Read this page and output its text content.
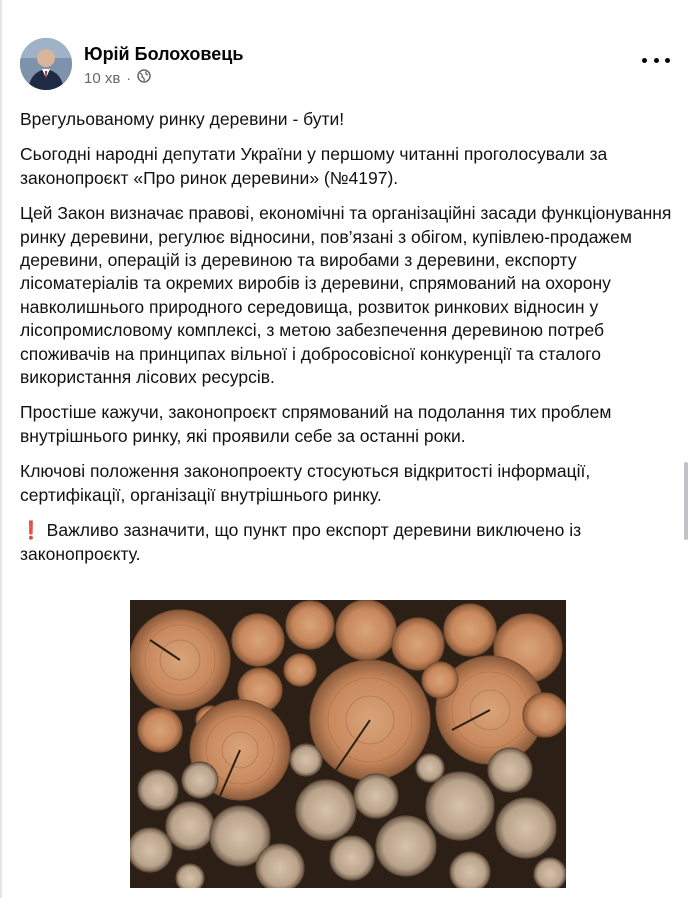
Юрій Болоховець
10 хв ·

Врегульованому ринку деревини - бути!

Сьогодні народні депутати України у першому читанні проголосували за законопроєкт «Про ринок деревини» (№4197).

Цей Закон визначає правові, економічні та організаційні засади функціонування ринку деревини, регулює відносини, пов’язані з обігом, купівлею-продажем деревини, операцій із деревиною та виробами з деревини, експорту лісоматеріалів та окремих виробів із деревини, спрямований на охорону навколишнього природного середовища, розвиток ринкових відносин у лісопромисловому комплексі, з метою забезпечення деревиною потреб споживачів на принципах вільної і добросовісної конкуренції та сталого використання лісових ресурсів.

Простіше кажучи, законопроєкт спрямований на подолання тих проблем внутрішнього ринку, які проявили себе за останні роки.

Ключові положення законопроекту стосуються відкритості інформації, сертифікації, організації внутрішнього ринку.

❗ Важливо зазначити, що пункт про експорт деревини виключено із законопроєкту.
